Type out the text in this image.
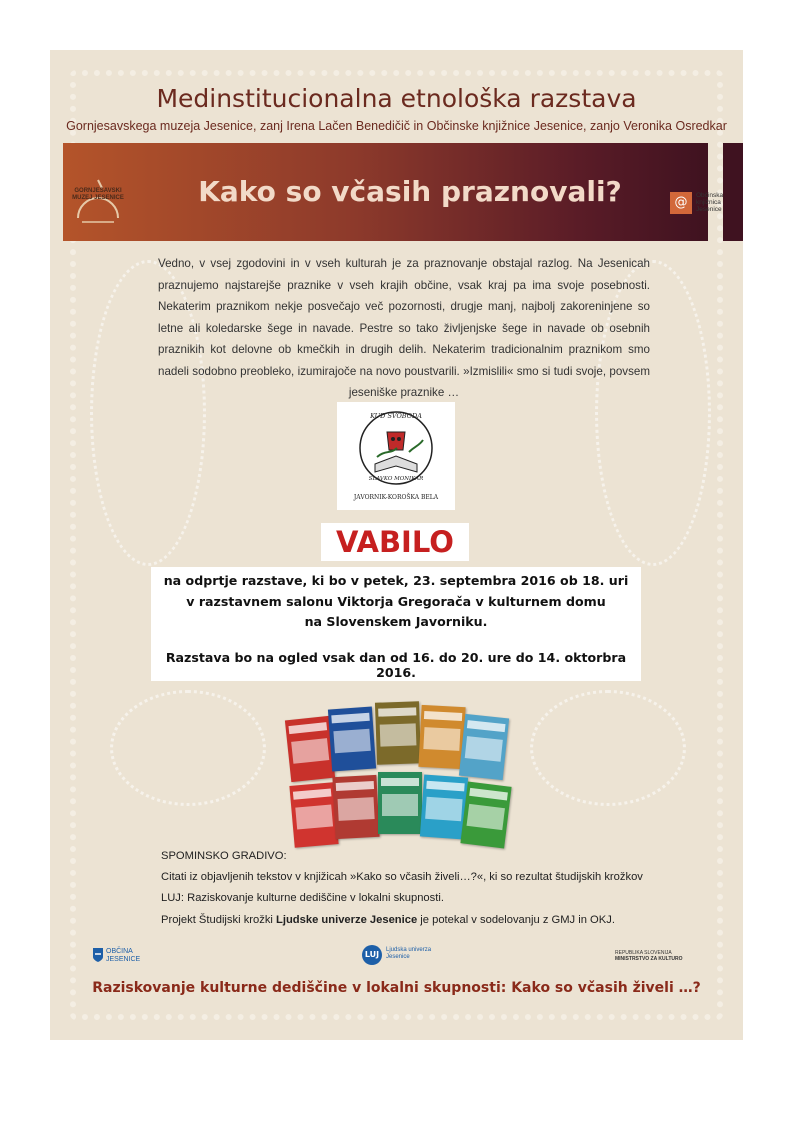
Medinstitucionalna etnološka razstava
Gornjesavskega muzeja Jesenice, zanj Irena Lačen Benedičič in Občinske knjižnice Jesenice, zanjo Veronika Osredkar
Kako so včasih praznovali?
GORNJESAVSKI MUZEJ JESENICE	@	Občinska knjižnica Jesenice
Vedno, v vsej zgodovini in v vseh kulturah je za praznovanje obstajal razlog. Na Jesenicah praznujemo najstarejše praznike v vseh krajih občine, vsak kraj pa ima svoje posebnosti. Nekaterim praznikom nekje posvečajo več pozornosti, drugje manj, najbolj zakoreninjene so letne ali koledarske šege in navade. Pestre so tako življenjske šege in navade ob osebnih praznikih kot delovne ob kmečkih in drugih delih. Nekaterim tradicionalnim praznikom smo nadeli sodobno preobleko, izumirajoče na novo poustvarili. »Izmislili« smo si tudi svoje, povsem jeseniške praznike …
KUD SVOBODA
SLAVKO MONIKAR
JAVORNIK-KOROŠKA BELA
VABILO
na odprtje razstave, ki bo v petek, 23. septembra 2016 ob 18. uri
v razstavnem salonu Viktorja Gregorača v kulturnem domu
na Slovenskem Javorniku.
Razstava bo na ogled vsak dan od 16. do 20. ure do 14. oktorbra 2016.

SPOMINSKO GRADIVO:

Citati iz objavljenih tekstov v knjižicah »Kako so včasih živeli…?«, ki so rezultat študijskih krožkov

LUJ: Raziskovanje kulturne dediščine v lokalni skupnosti.

Projekt Študijski krožki Ljudske univerze Jesenice je potekal v sodelovanju z GMJ in OKJ.

OBČINA
JESENICE
LUJ	Ljudska univerza
Jesenice
REPUBLIKA SLOVENIJA
MINISTRSTVO ZA KULTURO
Raziskovanje kulturne dediščine v lokalni skupnosti: Kako so včasih živeli …?
